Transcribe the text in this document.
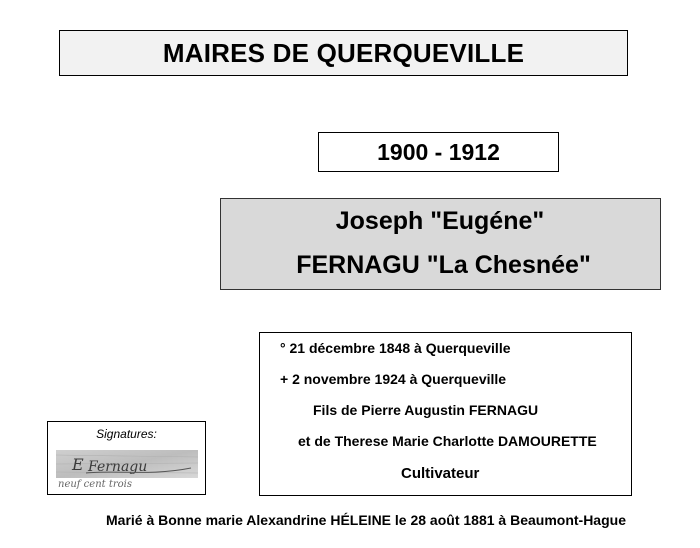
MAIRES DE QUERQUEVILLE
1900 - 1912
Joseph "Eugéne"
FERNAGU "La Chesnée"
° 21 décembre 1848 à Querqueville
+ 2 novembre 1924 à Querqueville
Fils de Pierre Augustin FERNAGU
et de Therese Marie Charlotte DAMOURETTE
Cultivateur
Signatures:
E Fernagu
neuf cent trois
Marié à Bonne marie Alexandrine HÉLEINE le 28 août 1881 à Beaumont-Hague
